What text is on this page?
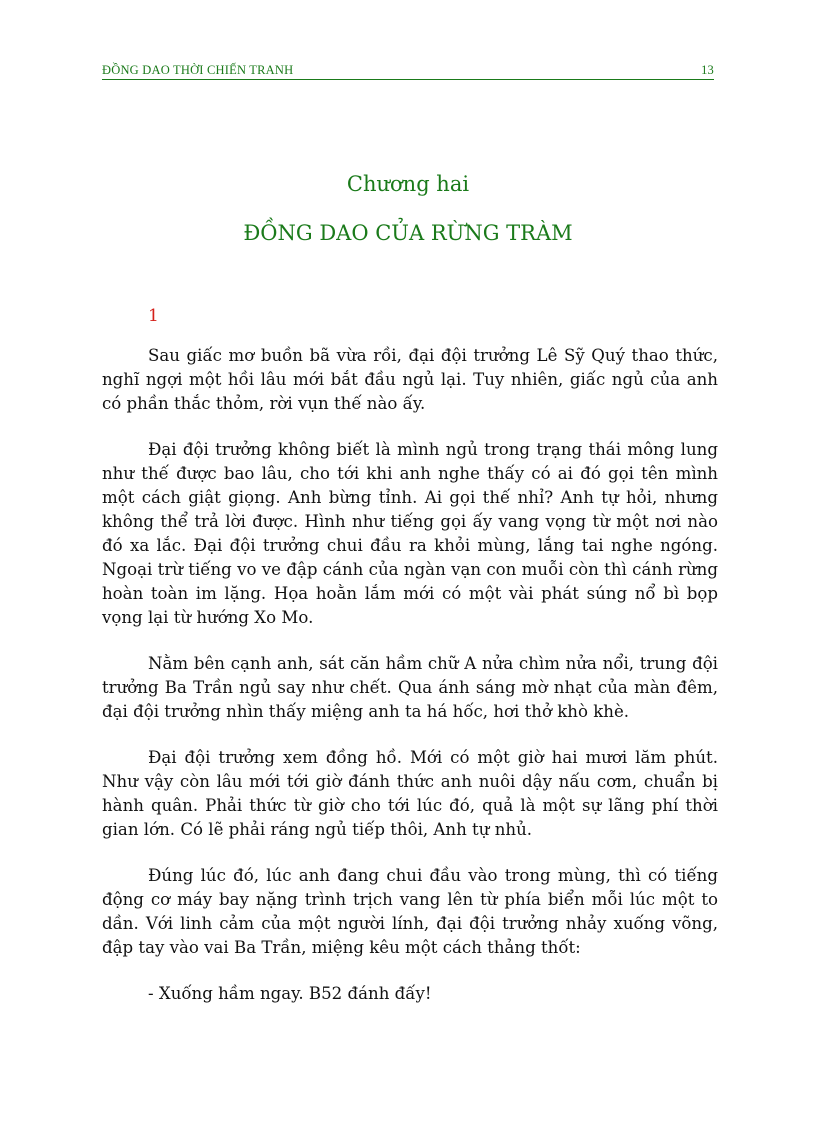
ĐỒNG DAO THỜI CHIẾN TRANH	13
Chương hai
ĐỒNG DAO CỦA RỪNG TRÀM
1

Sau giấc mơ buồn bã vừa rồi, đại đội trưởng Lê Sỹ Quý thao thức, nghĩ ngợi một hồi lâu mới bắt đầu ngủ lại. Tuy nhiên, giấc ngủ của anh có phần thắc thỏm, rời vụn thế nào ấy.

Đại đội trưởng không biết là mình ngủ trong trạng thái mông lung như thế được bao lâu, cho tới khi anh nghe thấy có ai đó gọi tên mình một cách giật giọng. Anh bừng tỉnh. Ai gọi thế nhỉ? Anh tự hỏi, nhưng không thể trả lời được. Hình như tiếng gọi ấy vang vọng từ một nơi nào đó xa lắc. Đại đội trưởng chui đầu ra khỏi mùng, lắng tai nghe ngóng. Ngoại trừ tiếng vo ve đập cánh của ngàn vạn con muỗi còn thì cánh rừng hoàn toàn im lặng. Họa hoằn lắm mới có một vài phát súng nổ bì bọp vọng lại từ hướng Xo Mo.

Nằm bên cạnh anh, sát căn hầm chữ A nửa chìm nửa nổi, trung đội trưởng Ba Trần ngủ say như chết. Qua ánh sáng mờ nhạt của màn đêm, đại đội trưởng nhìn thấy miệng anh ta há hốc, hơi thở khò khè.

Đại đội trưởng xem đồng hồ. Mới có một giờ hai mươi lăm phút. Như vậy còn lâu mới tới giờ đánh thức anh nuôi dậy nấu cơm, chuẩn bị hành quân. Phải thức từ giờ cho tới lúc đó, quả là một sự lãng phí thời gian lớn. Có lẽ phải ráng ngủ tiếp thôi, Anh tự nhủ.

Đúng lúc đó, lúc anh đang chui đầu vào trong mùng, thì có tiếng động cơ máy bay nặng trình trịch vang lên từ phía biển mỗi lúc một to dần. Với linh cảm của một người lính, đại đội trưởng nhảy xuống võng, đập tay vào vai Ba Trần, miệng kêu một cách thảng thốt:

- Xuống hầm ngay. B52 đánh đấy!
